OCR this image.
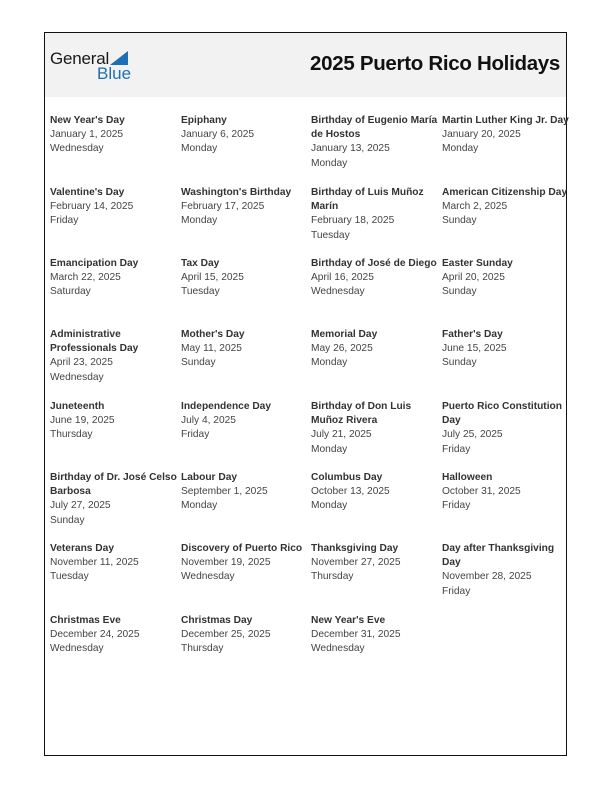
General
Blue	2025 Puerto Rico Holidays
New Year's Day
January 1, 2025
Wednesday
Epiphany
January 6, 2025
Monday
Birthday of Eugenio María de Hostos
January 13, 2025
Monday
Martin Luther King Jr. Day
January 20, 2025
Monday
Valentine's Day
February 14, 2025
Friday
Washington's Birthday
February 17, 2025
Monday
Birthday of Luis Muñoz Marín
February 18, 2025
Tuesday
American Citizenship Day
March 2, 2025
Sunday
Emancipation Day
March 22, 2025
Saturday
Tax Day
April 15, 2025
Tuesday
Birthday of José de Diego
April 16, 2025
Wednesday
Easter Sunday
April 20, 2025
Sunday
Administrative Professionals Day
April 23, 2025
Wednesday
Mother's Day
May 11, 2025
Sunday
Memorial Day
May 26, 2025
Monday
Father's Day
June 15, 2025
Sunday
Juneteenth
June 19, 2025
Thursday
Independence Day
July 4, 2025
Friday
Birthday of Don Luis Muñoz Rivera
July 21, 2025
Monday
Puerto Rico Constitution Day
July 25, 2025
Friday
Birthday of Dr. José Celso Barbosa
July 27, 2025
Sunday
Labour Day
September 1, 2025
Monday
Columbus Day
October 13, 2025
Monday
Halloween
October 31, 2025
Friday
Veterans Day
November 11, 2025
Tuesday
Discovery of Puerto Rico
November 19, 2025
Wednesday
Thanksgiving Day
November 27, 2025
Thursday
Day after Thanksgiving Day
November 28, 2025
Friday
Christmas Eve
December 24, 2025
Wednesday
Christmas Day
December 25, 2025
Thursday
New Year's Eve
December 31, 2025
Wednesday
